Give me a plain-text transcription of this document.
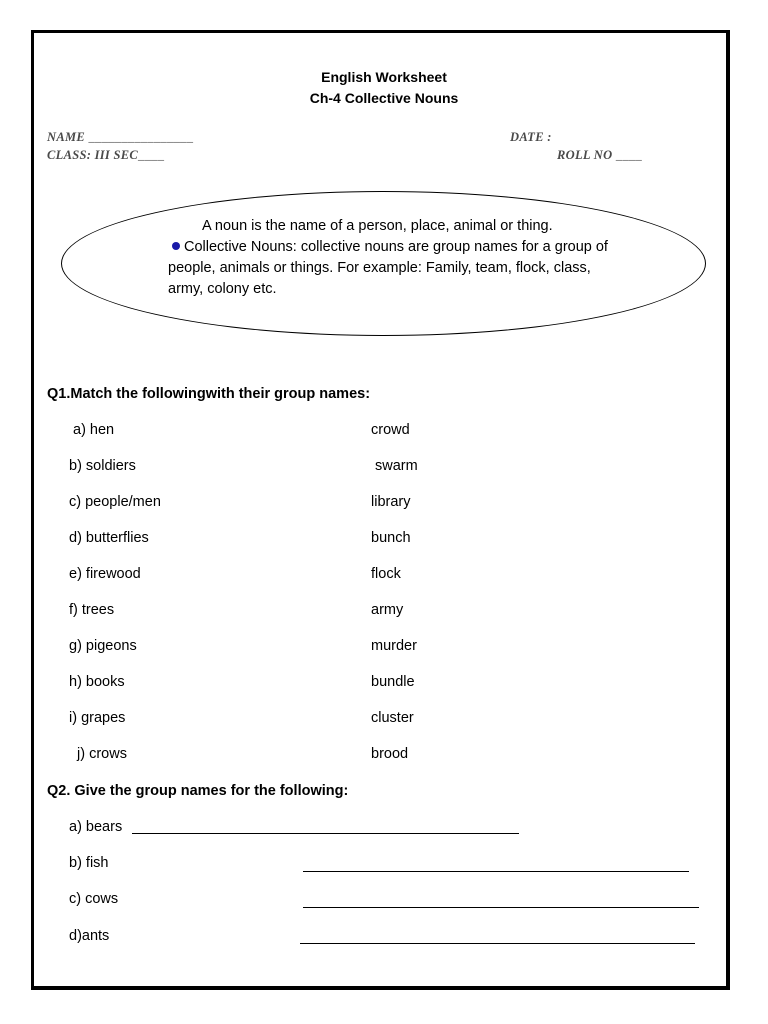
English Worksheet
Ch-4 Collective Nouns
NAME ________________	DATE :
CLASS: III SEC____	ROLL NO ____
A noun is the name of a person, place, animal or thing.
Collective Nouns: collective nouns are group names for a group of people, animals or things. For example: Family, team, flock, class, army, colony etc.
Q1.Match the followingwith their group names:
a) hen
b) soldiers
c) people/men
d) butterflies
e) firewood
f) trees
g) pigeons
h) books
i) grapes
j) crows
crowd
swarm
library
bunch
flock
army
murder
bundle
cluster
brood
Q2. Give the group names for the following:
a) bears
b) fish
c) cows
d)ants
